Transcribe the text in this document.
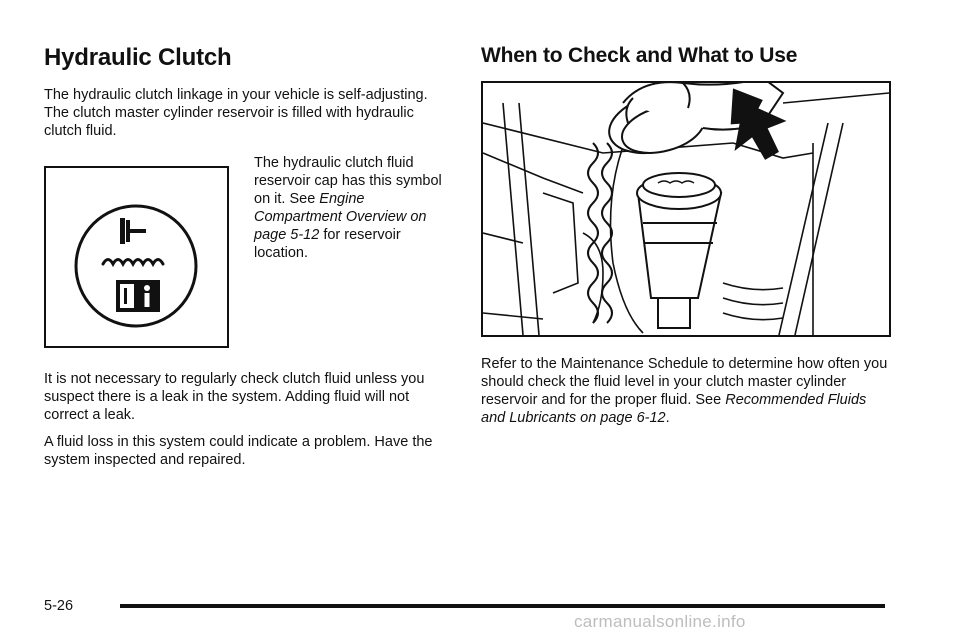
Hydraulic Clutch

The hydraulic clutch linkage in your vehicle is self-adjusting. The clutch master cylinder reservoir is filled with hydraulic clutch fluid.

The hydraulic clutch fluid reservoir cap has this symbol on it. See Engine Compartment Overview on page 5-12 for reservoir location.

It is not necessary to regularly check clutch fluid unless you suspect there is a leak in the system. Adding fluid will not correct a leak.

A fluid loss in this system could indicate a problem. Have the system inspected and repaired.

When to Check and What to Use

Refer to the Maintenance Schedule to determine how often you should check the fluid level in your clutch master cylinder reservoir and for the proper fluid. See Recommended Fluids and Lubricants on page 6-12.

5-26
carmanualsonline.info
